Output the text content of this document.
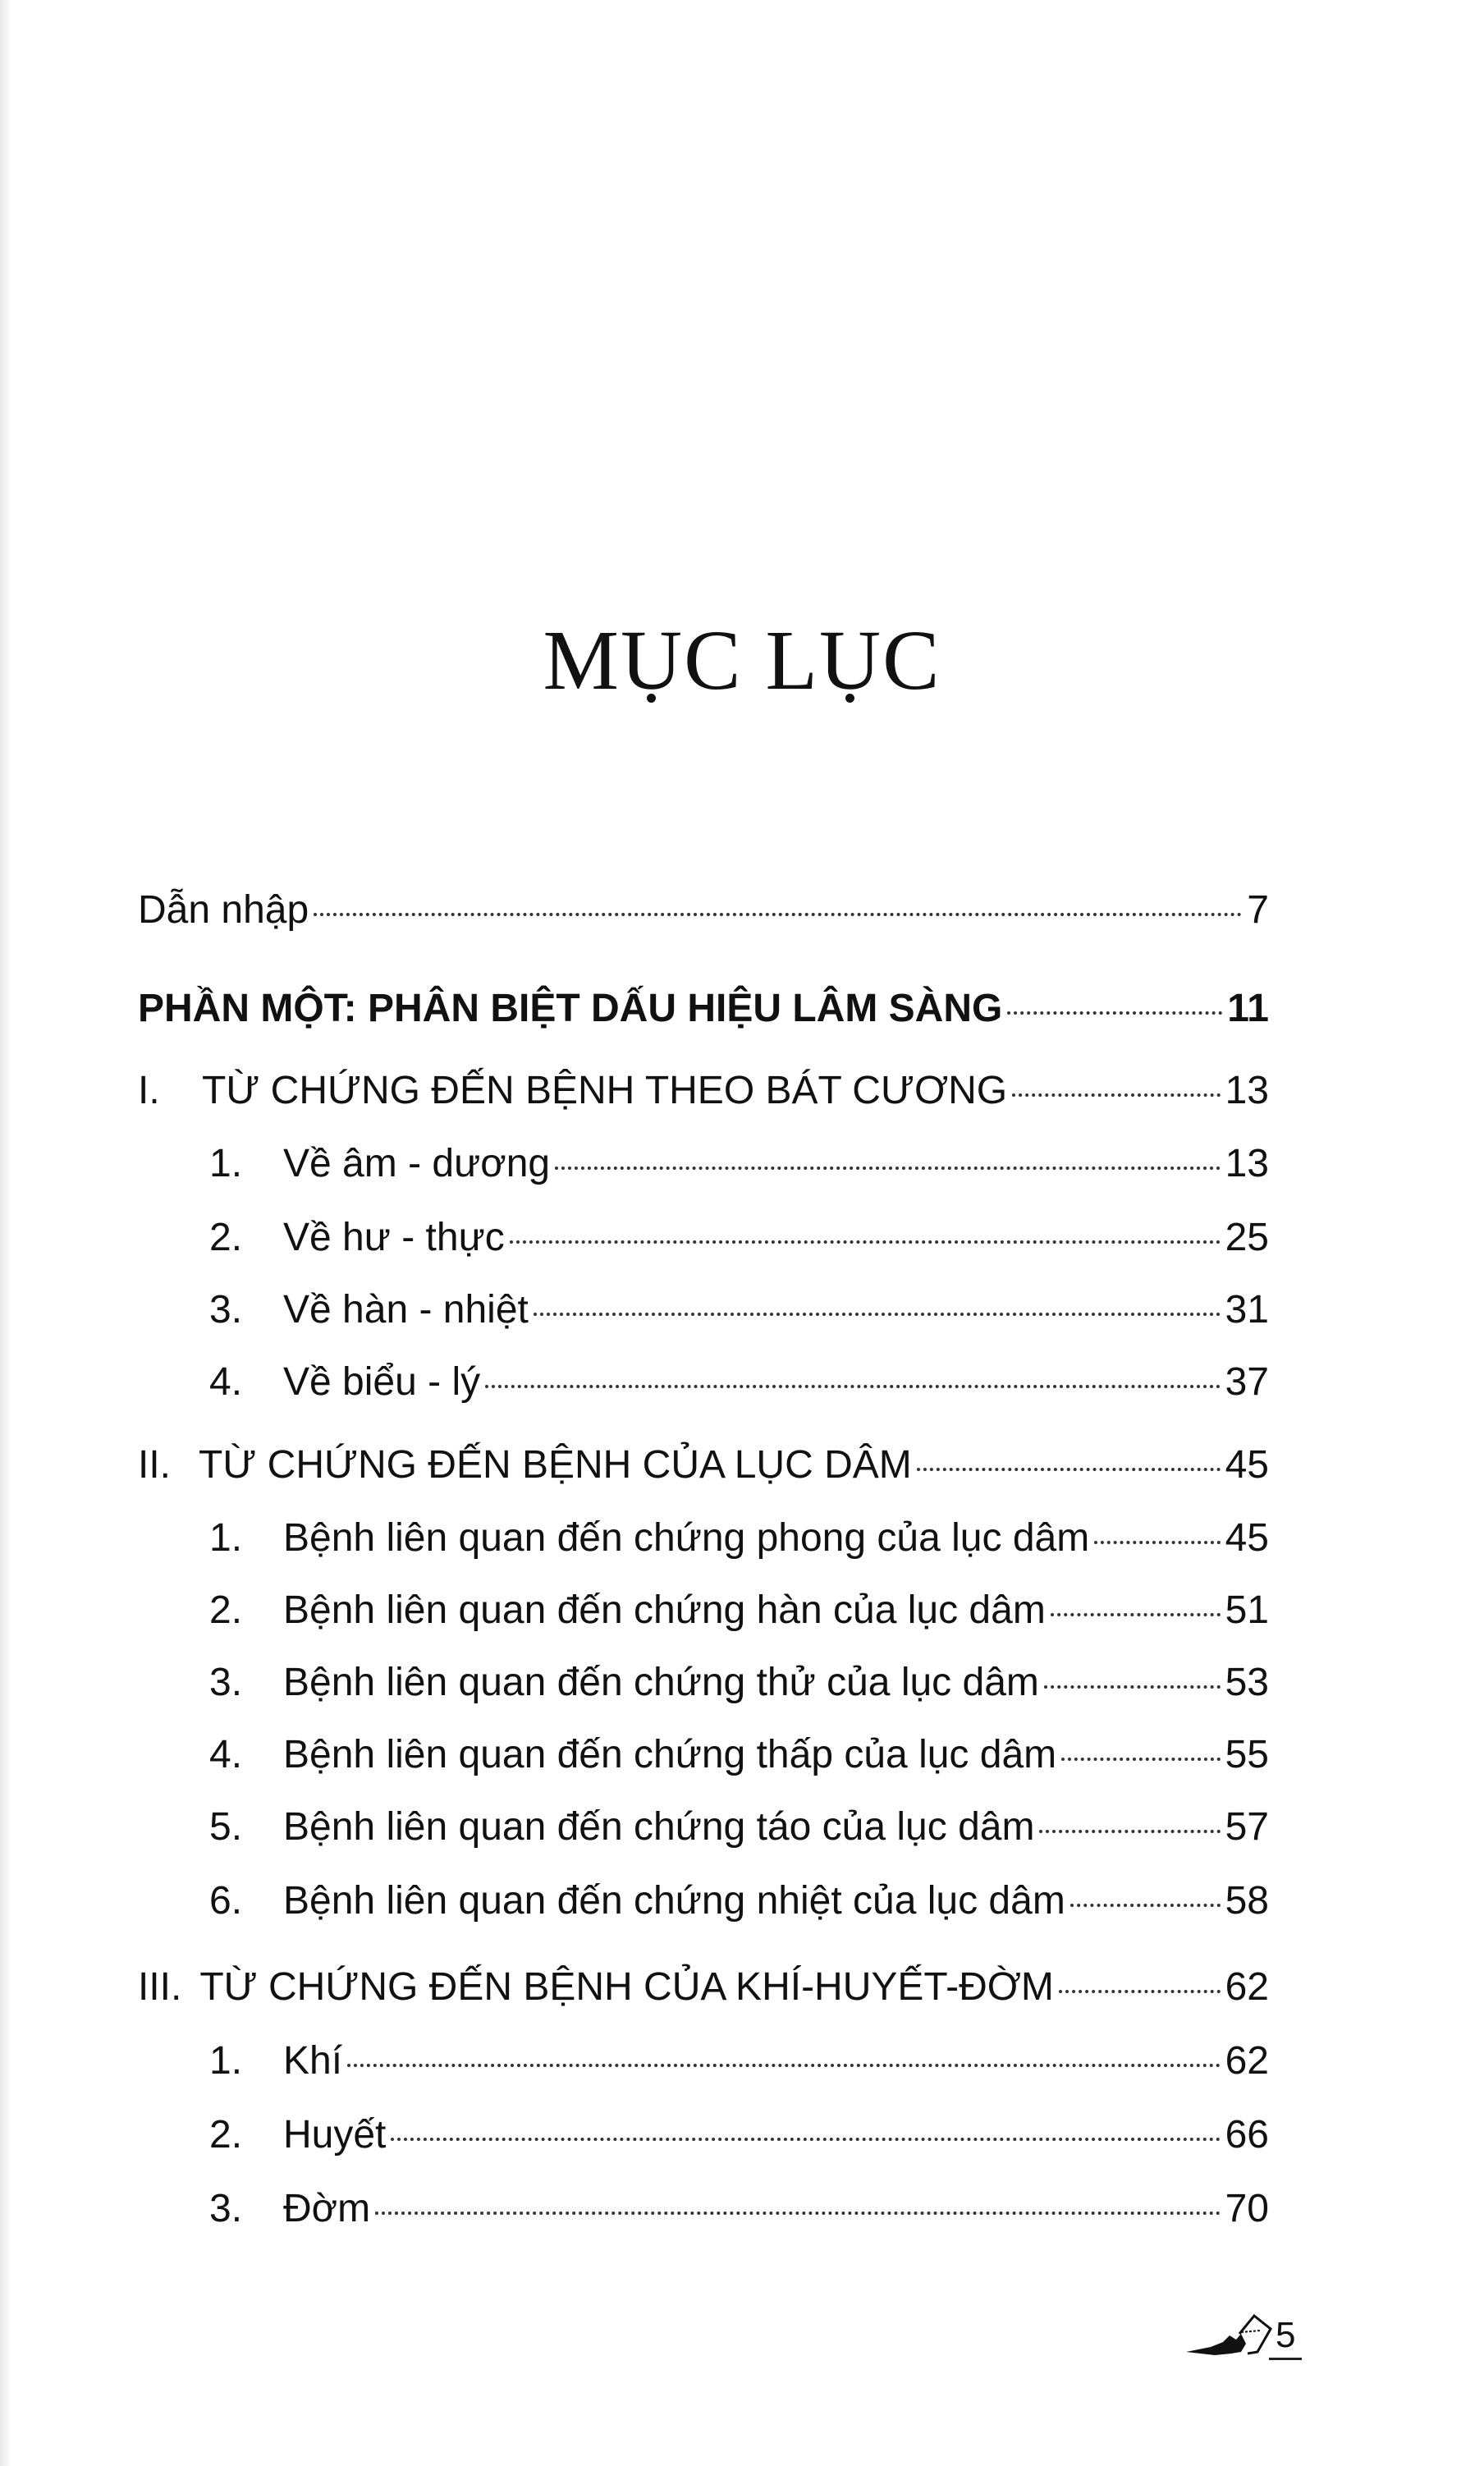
MỤC LỤC
Dẫn nhập	7
PHẦN MỘT: PHÂN BIỆT DẤU HIỆU LÂM SÀNG	11
I.	TỪ CHỨNG ĐẾN BỆNH THEO BÁT CƯƠNG	13
1.	Về âm - dương	13
2.	Về hư - thực	25
3.	Về hàn - nhiệt	31
4.	Về biểu - lý	37
II. TỪ CHỨNG ĐẾN BỆNH CỦA LỤC DÂM	45
1.	Bệnh liên quan đến chứng phong của lục dâm	45
2.	Bệnh liên quan đến chứng hàn của lục dâm	51
3.	Bệnh liên quan đến chứng thử của lục dâm	53
4.	Bệnh liên quan đến chứng thấp của lục dâm	55
5.	Bệnh liên quan đến chứng táo của lục dâm	57
6.	Bệnh liên quan đến chứng nhiệt của lục dâm	58
III. TỪ CHỨNG ĐẾN BỆNH CỦA KHÍ-HUYẾT-ĐỜM	62
1.	Khí	62
2.	Huyết	66
3.	Đờm	70
5
